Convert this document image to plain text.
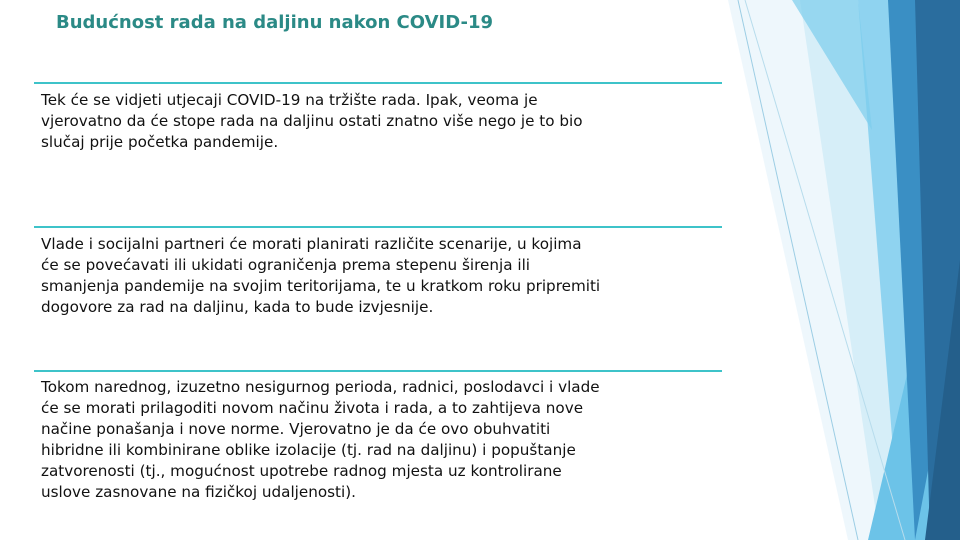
Budućnost rada na daljinu nakon COVID-19

Tek će se vidjeti utjecaji COVID-19 na tržište rada. Ipak, veoma je
vjerovatno da će stope rada na daljinu ostati znatno više nego je to bio
slučaj prije početka pandemije.

Vlade i socijalni partneri će morati planirati različite scenarije, u kojima
će se povećavati ili ukidati ograničenja prema stepenu širenja ili
smanjenja pandemije na svojim teritorijama, te u kratkom roku pripremiti
dogovore za rad na daljinu, kada to bude izvjesnije.

Tokom narednog, izuzetno nesigurnog perioda, radnici, poslodavci i vlade
će se morati prilagoditi novom načinu života i rada, a to zahtijeva nove
načine ponašanja i nove norme. Vjerovatno je da će ovo obuhvatiti
hibridne ili kombinirane oblike izolacije (tj. rad na daljinu) i popuštanje
zatvorenosti (tj., mogućnost upotrebe radnog mjesta uz kontrolirane
uslove zasnovane na fizičkoj udaljenosti).
